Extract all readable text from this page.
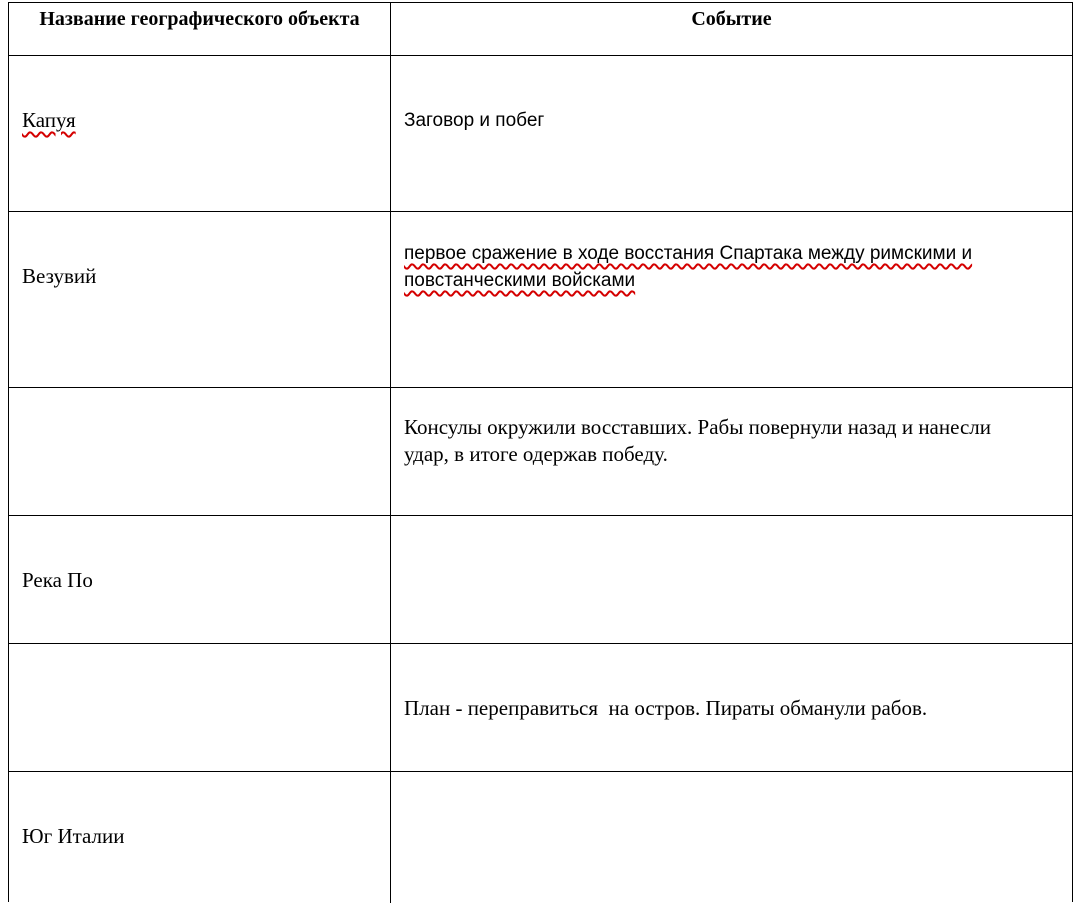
Название географического объекта	Событие
Капуя	Заговор и побег
Везувий
первое сражение в ходе восстания Спартака между римскими и повстанческими войсками
Консулы окружили восставших. Рабы повернули назад и нанесли удар, в итоге одержав победу.
Река По
План - переправиться  на остров. Пираты обманули рабов.
Юг Италии
